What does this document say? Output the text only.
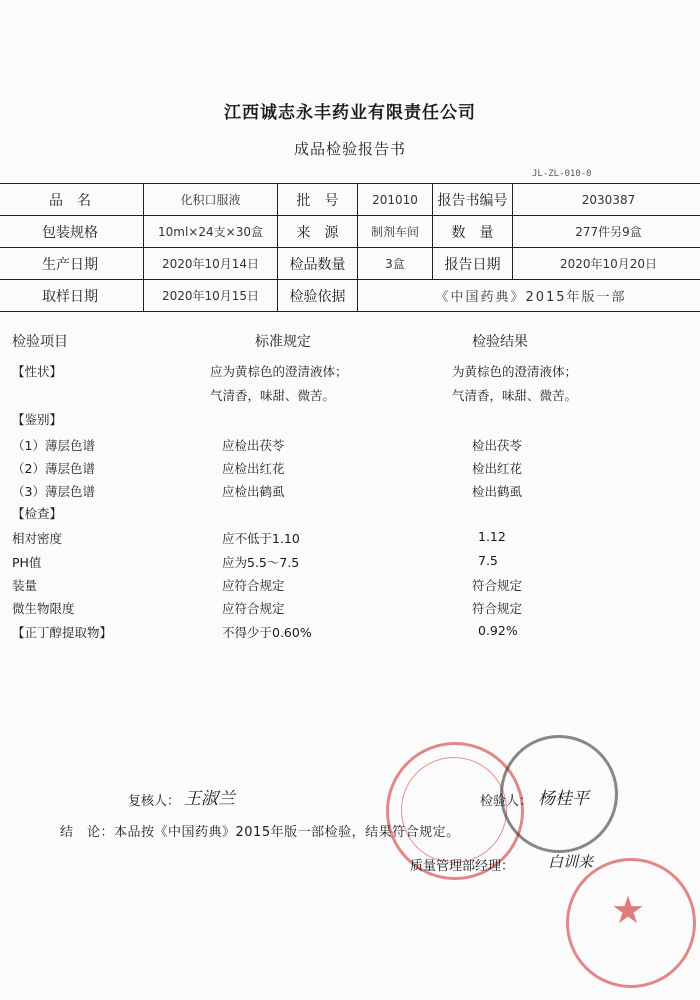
江西诚志永丰药业有限责任公司
成品检验报告书
JL-ZL-010-0
品　名	化积口服液	批　号	201010	报告书编号	2030387
包装规格	10ml×24支×30盒	来　源	制剂车间	数　量	277件另9盒
生产日期	2020年10月14日	检品数量	3盒	报告日期	2020年10月20日
取样日期	2020年10月15日	检验依据	《中国药典》2015年版一部		
检验项目	标准规定	检验结果
【性状】	应为黄棕色的澄清液体；	为黄棕色的澄清液体；
气清香，味甜、微苦。	气清香，味甜、微苦。
【鉴别】
（1）薄层色谱	应检出茯苓	检出茯苓
（2）薄层色谱	应检出红花	检出红花
（3）薄层色谱	应检出鹤虱	检出鹤虱
【检查】
相对密度	应不低于1.10	1.12
PH值	应为5.5～7.5	7.5
装量	应符合规定	符合规定
微生物限度	应符合规定	符合规定
【正丁醇提取物】	不得少于0.60%	0.92%
★
复核人： 王淑兰	检验人： 杨桂平
结　论：本品按《中国药典》2015年版一部检验，结果符合规定。
质量管理部经理： 白训来
